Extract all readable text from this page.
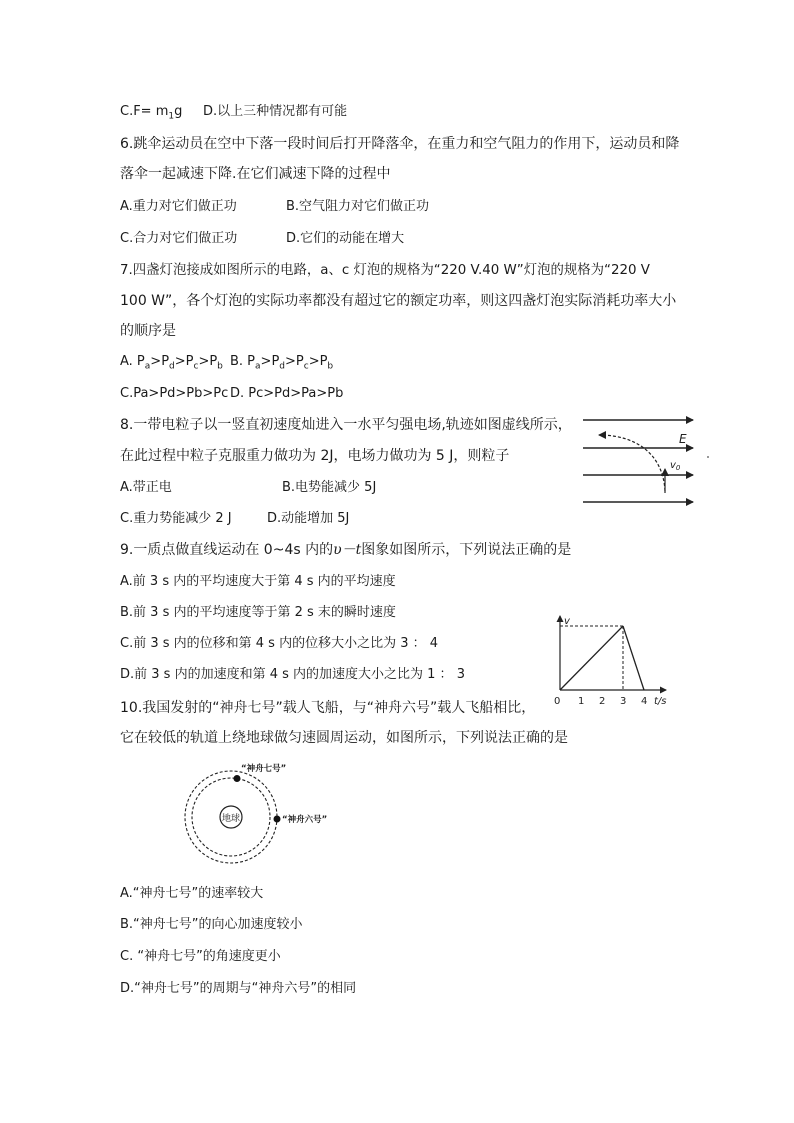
$C.F= m_1g$ D.以上三种情况都有可能
6.跳伞运动员在空中下落一段时间后打开降落伞，在重力和空气阻力的作用下，运动员和降
落伞一起减速下降.在它们减速下降的过程中
A.重力对它们做正功	B.空气阻力对它们做正功
C.合力对它们做正功	D.它们的动能在增大
7.四盏灯泡接成如图所示的电路，a、c 灯泡的规格为“220 V.40 W”灯泡的规格为“220 V
100 W”，各个灯泡的实际功率都没有超过它的额定功率，则这四盏灯泡实际消耗功率大小
的顺序是
A. $P_a>P_d>P_c>P_b$ B. $P_a>P_d>P_c>P_b$
C.Pa>Pd>Pb>Pc D. Pc>Pd>Pa>Pb
8.一带电粒子以一竖直初速度灿进入一水平匀强电场,轨迹如图虚线所示，
在此过程中粒子克服重力做功为 2J，电场力做功为 5 J，则粒子
A.带正电	B.电势能减少 5J
C.重力势能减少 2 J	D.动能增加 5J
E
$v_0$
9.一质点做直线运动在 0~4s 内的υ－t图象如图所示，下列说法正确的是
A.前 3 s 内的平均速度大于第 4 s 内的平均速度
B.前 3 s 内的平均速度等于第 2 s 末的瞬时速度
C.前 3 s 内的位移和第 4 s 内的位移大小之比为 3 ： 4
D.前 3 s 内的加速度和第 4 s 内的加速度大小之比为 1 ： 3
v
0 1 2 3 4 t/s
10.我国发射的“神舟七号”载人飞船，与“神舟六号”载人飞船相比，
它在较低的轨道上绕地球做匀速圆周运动，如图所示，下列说法正确的是
地球
“神舟七号”
“神舟六号”
A.“神舟七号”的速率较大
B.“神舟七号”的向心加速度较小
C. “神舟七号”的角速度更小
D.“神舟七号”的周期与“神舟六号”的相同
